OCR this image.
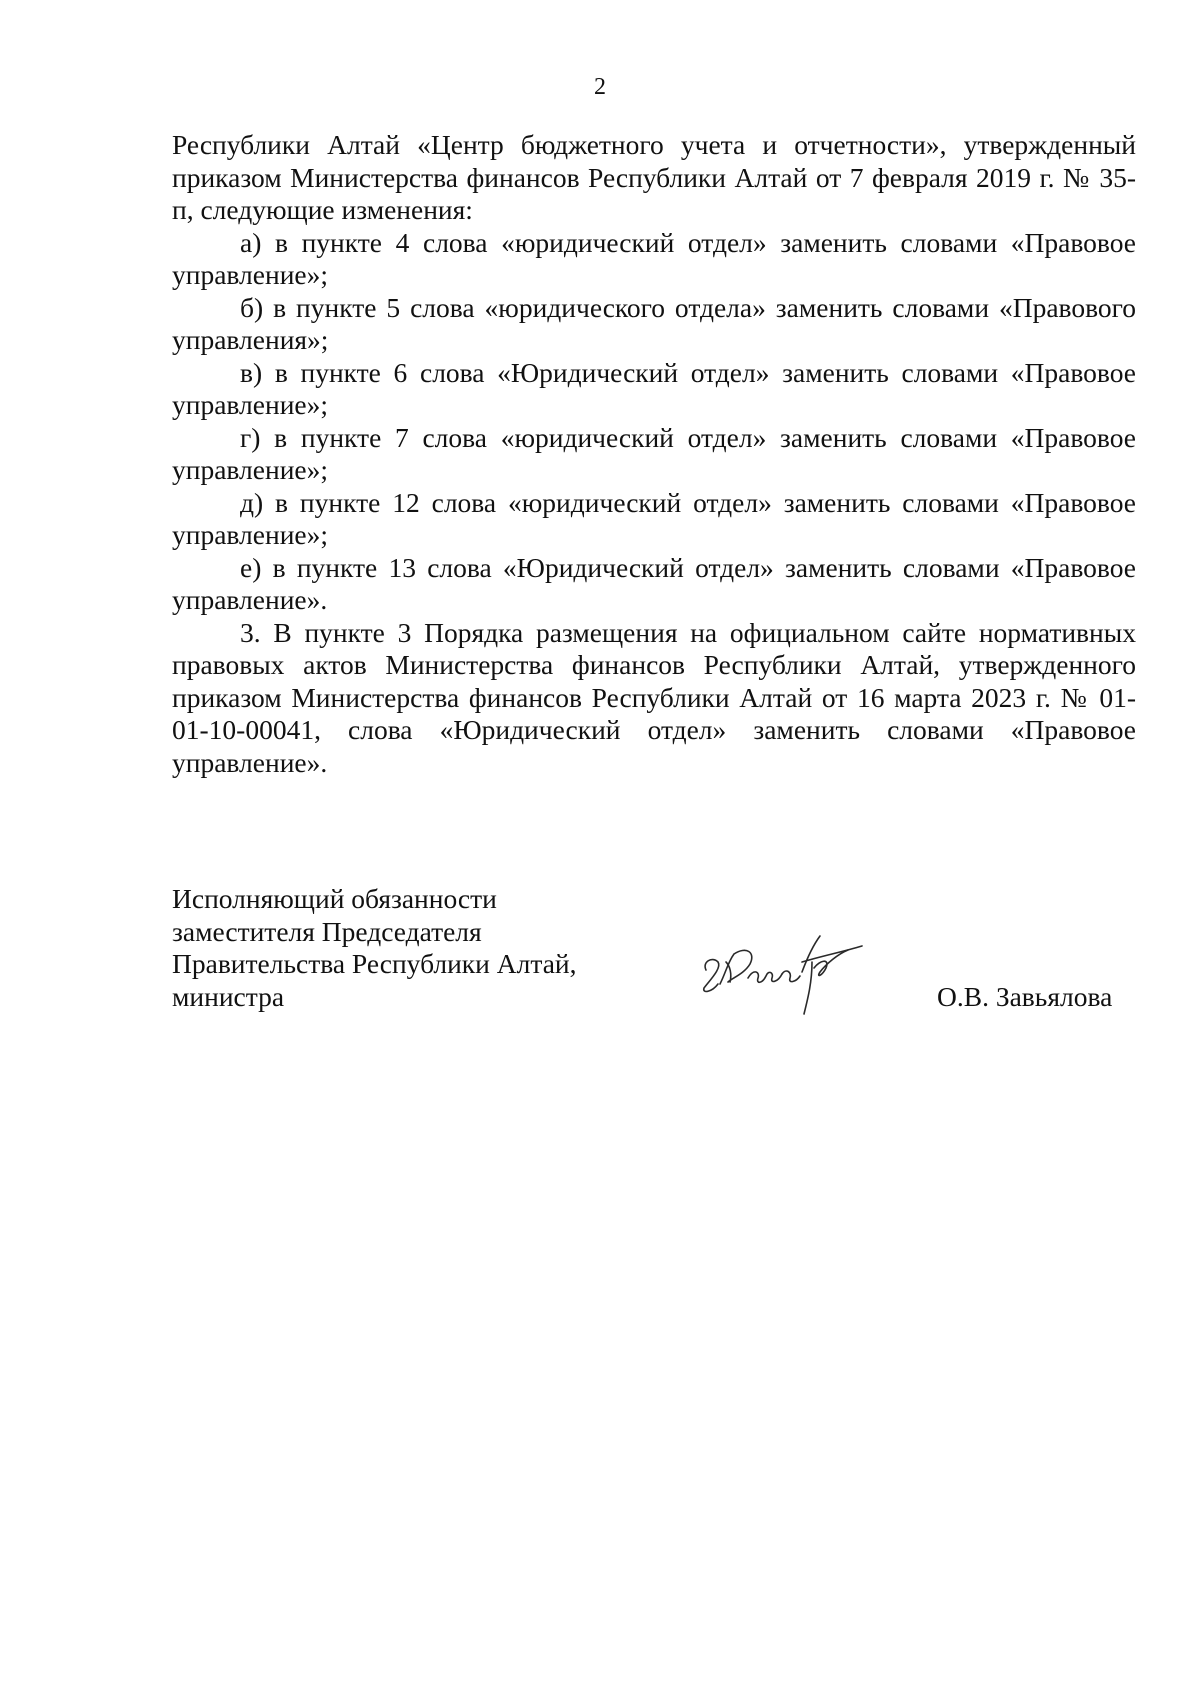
2

Республики Алтай «Центр бюджетного учета и отчетности», утвержденный приказом Министерства финансов Республики Алтай от 7 февраля 2019 г. № 35-п, следующие изменения:

а) в пункте 4 слова «юридический отдел» заменить словами «Правовое управление»;

б) в пункте 5 слова «юридического отдела» заменить словами «Правового управления»;

в) в пункте 6 слова «Юридический отдел» заменить словами «Правовое управление»;

г) в пункте 7 слова «юридический отдел» заменить словами «Правовое управление»;

д) в пункте 12 слова «юридический отдел» заменить словами «Правовое управление»;

е) в пункте 13 слова «Юридический отдел» заменить словами «Правовое управление».

3. В пункте 3 Порядка размещения на официальном сайте нормативных правовых актов Министерства финансов Республики Алтай, утвержденного приказом Министерства финансов Республики Алтай от 16 марта 2023 г. № 01-01-10-00041, слова «Юридический отдел» заменить словами «Правовое управление».

Исполняющий обязанности
заместителя Председателя
Правительства Республики Алтай,
министра	О.В. Завьялова
